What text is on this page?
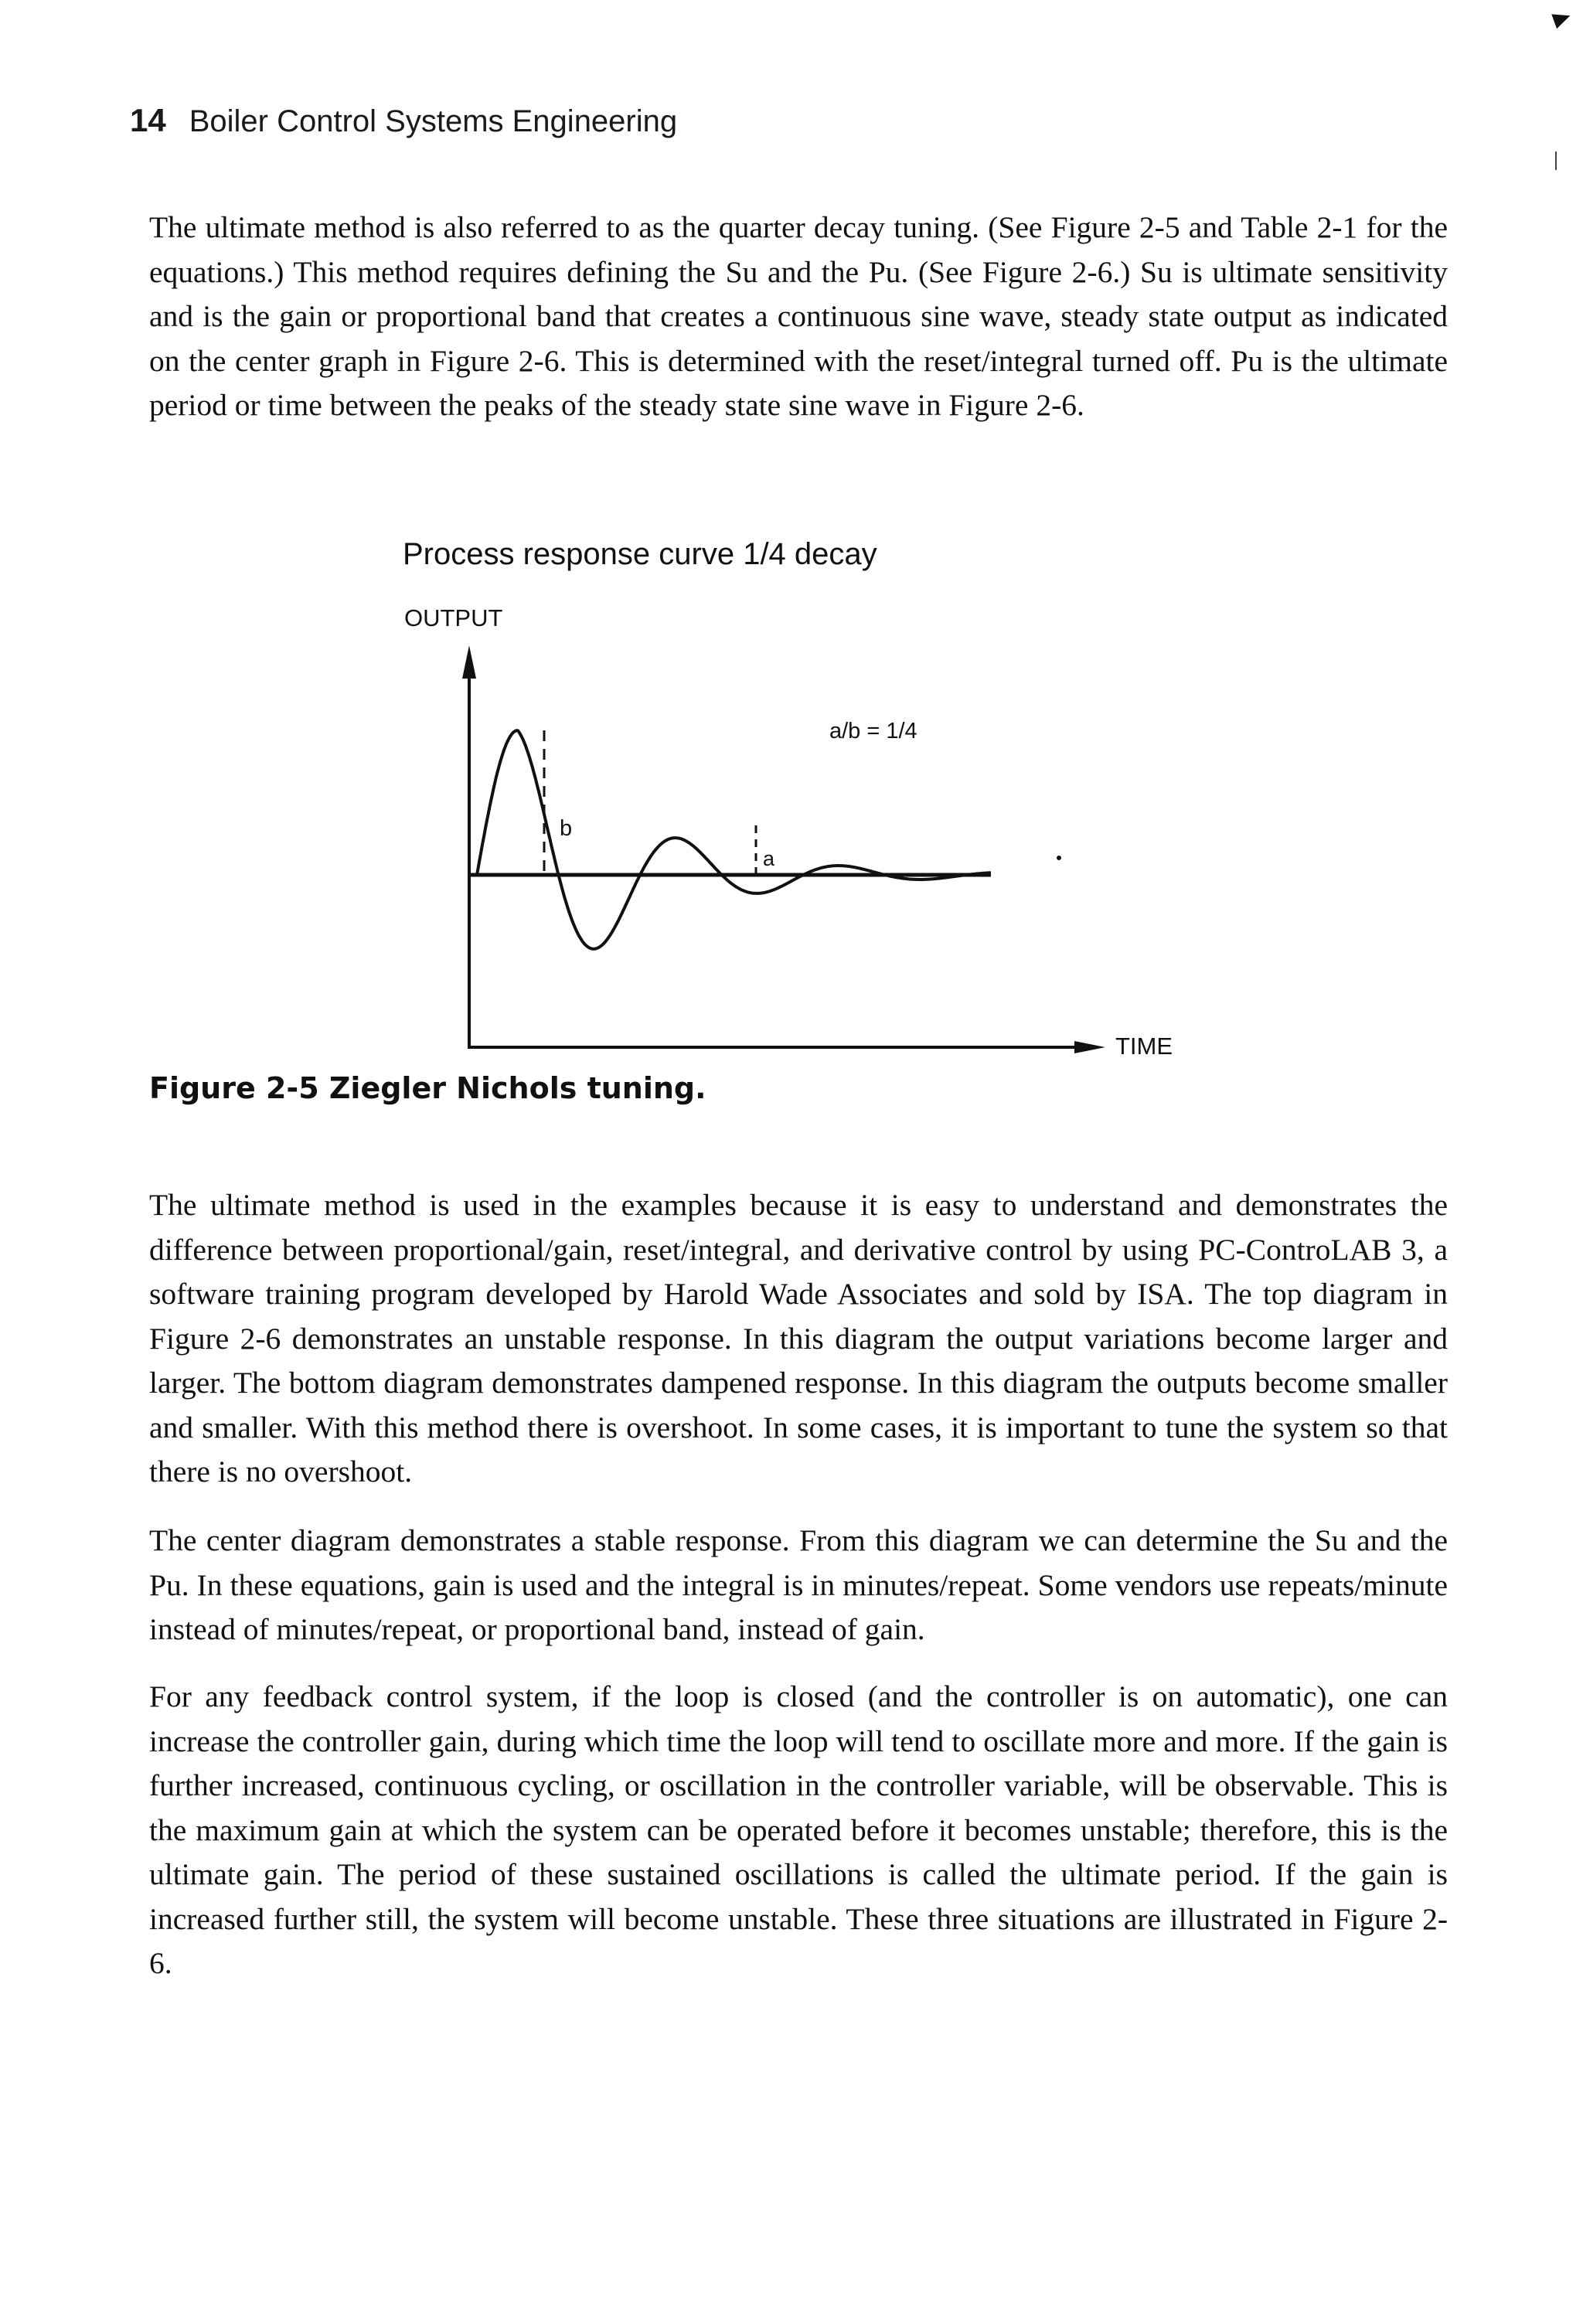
14 Boiler Control Systems Engineering

The ultimate method is also referred to as the quarter decay tuning. (See Figure 2-5 and Table 2-1 for the equations.) This method requires defining the Su and the Pu. (See Figure 2-6.) Su is ultimate sensitivity and is the gain or proportional band that creates a continuous sine wave, steady state output as indicated on the center graph in Figure 2-6. This is determined with the reset/integral turned off. Pu is the ultimate period or time between the peaks of the steady state sine wave in Figure 2-6.

Process response curve 1/4 decay
OUTPUT
TIME
b
a
a/b = 1/4
Figure 2-5 Ziegler Nichols tuning.

The ultimate method is used in the examples because it is easy to understand and demonstrates the difference between proportional/gain, reset/integral, and derivative control by using PC-ControLAB 3, a software training program developed by Harold Wade Associates and sold by ISA. The top diagram in Figure 2-6 demonstrates an unstable response. In this diagram the output variations become larger and larger. The bottom diagram demonstrates dampened response. In this diagram the outputs become smaller and smaller. With this method there is overshoot. In some cases, it is important to tune the system so that there is no overshoot.

The center diagram demonstrates a stable response. From this diagram we can determine the Su and the Pu. In these equations, gain is used and the integral is in minutes/repeat. Some vendors use repeats/minute instead of minutes/repeat, or proportional band, instead of gain.

For any feedback control system, if the loop is closed (and the controller is on automatic), one can increase the controller gain, during which time the loop will tend to oscillate more and more. If the gain is further increased, continuous cycling, or oscillation in the controller variable, will be observable. This is the maximum gain at which the system can be operated before it becomes unstable; therefore, this is the ultimate gain. The period of these sustained oscillations is called the ultimate period. If the gain is increased further still, the system will become unstable. These three situations are illustrated in Figure 2-6.
